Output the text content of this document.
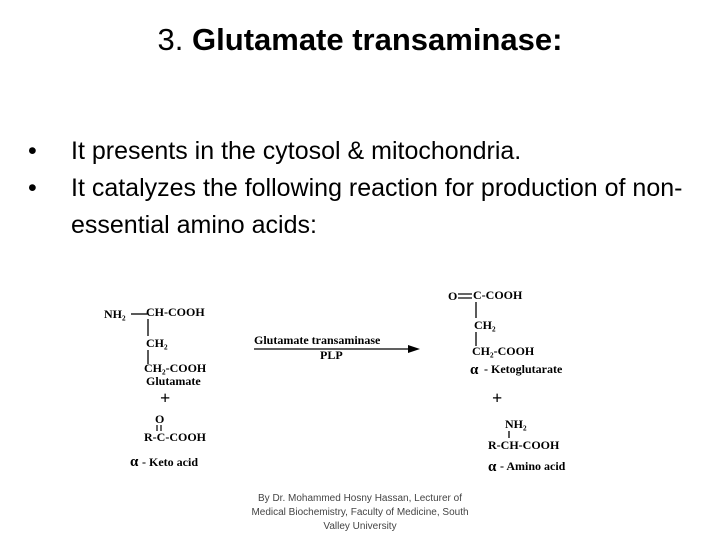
3. Glutamate transaminase:
• It presents in the cytosol & mitochondria.
• It catalyzes the following reaction for production of non-essential amino acids:
NH₂ CH-COOH
CH₂
CH₂-COOH
Glutamate
+
O
R-C-COOH
α - Keto acid
Glutamate transaminase
PLP
O C-COOH
CH₂
CH₂-COOH
α - Ketoglutarate
+
NH₂
R-CH-COOH
α - Amino acid
By Dr. Mohammed Hosny Hassan, Lecturer of Medical Biochemistry, Faculty of Medicine, South Valley University
